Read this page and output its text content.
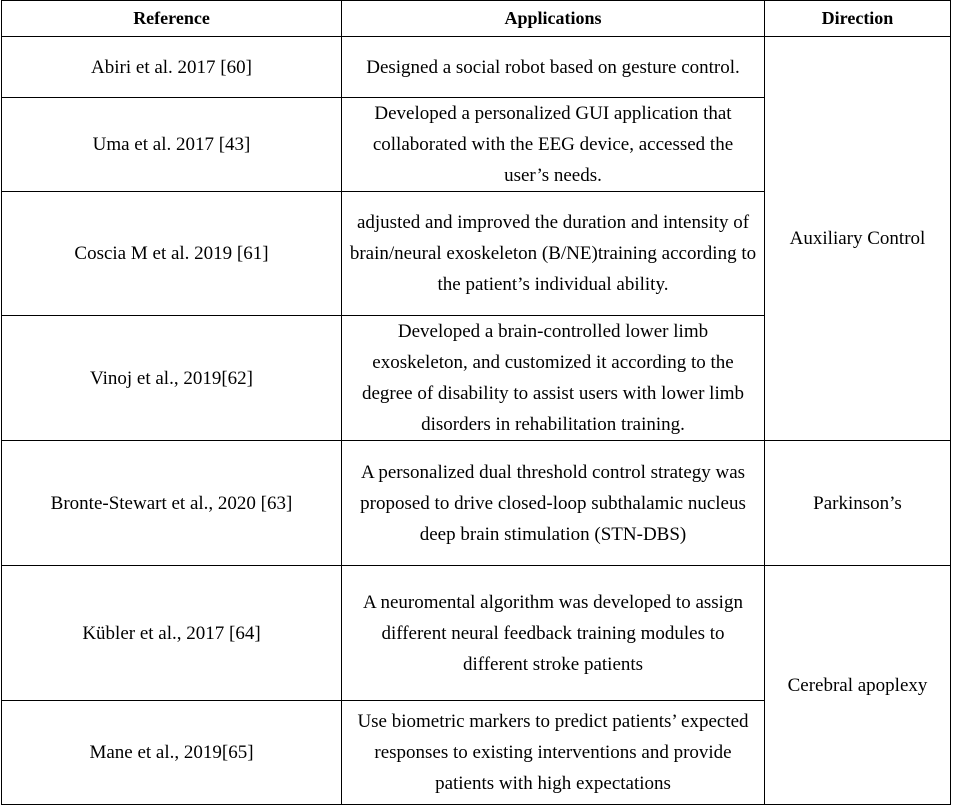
Reference	Applications	Direction
Abiri et al. 2017 [60]	Designed a social robot based on gesture control.	Auxiliary Control
Uma et al. 2017 [43]	Developed a personalized GUI application that collaborated with the EEG device, accessed the user’s needs.	
Coscia M et al. 2019 [61]	adjusted and improved the duration and intensity of brain/neural exoskeleton (B/NE)training according to the patient’s individual ability.	
Vinoj et al., 2019[62]	Developed a brain-controlled lower limb exoskeleton, and customized it according to the degree of disability to assist users with lower limb disorders in rehabilitation training.	
Bronte-Stewart et al., 2020 [63]	A personalized dual threshold control strategy was proposed to drive closed-loop subthalamic nucleus deep brain stimulation (STN-DBS)	Parkinson’s
Kübler et al., 2017 [64]	A neuromental algorithm was developed to assign different neural feedback training modules to different stroke patients	Cerebral apoplexy
Mane et al., 2019[65]	Use biometric markers to predict patients’ expected responses to existing interventions and provide patients with high expectations	
